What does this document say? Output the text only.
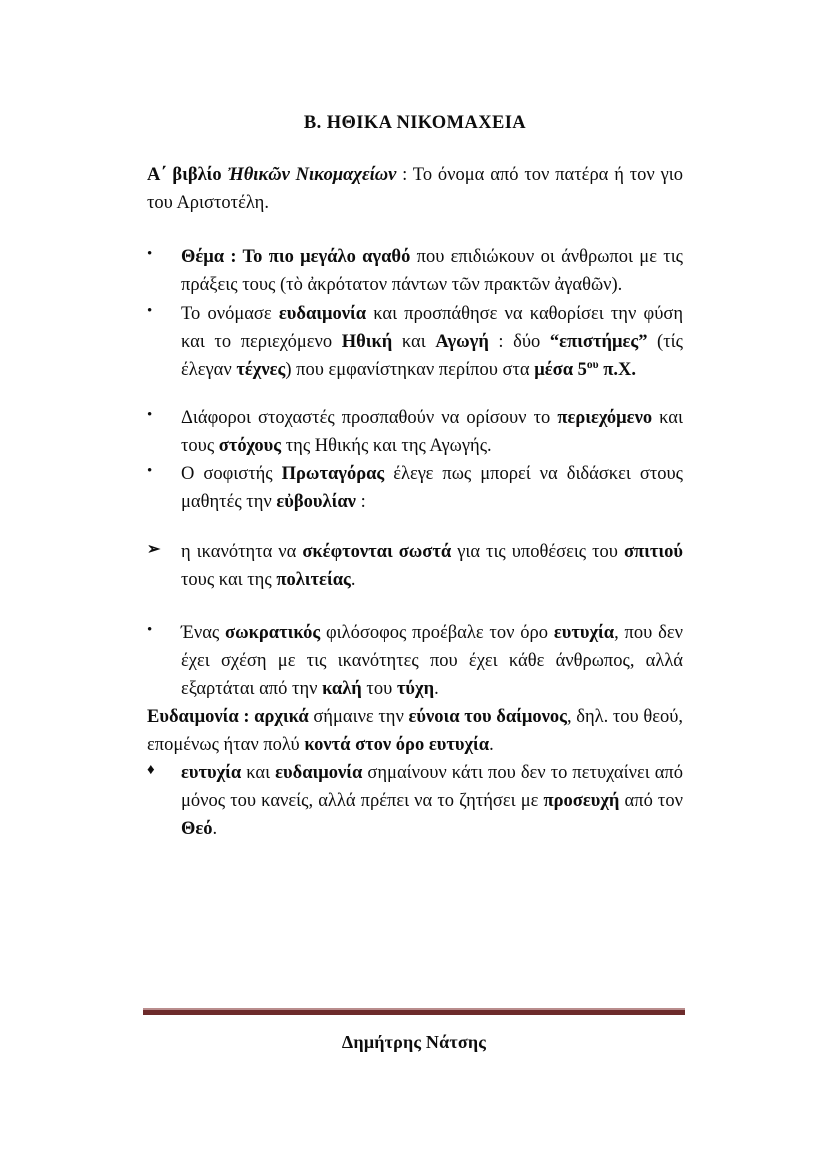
Β. ΗΘΙΚΑ ΝΙΚΟΜΑΧΕΙΑ

Α΄ βιβλίο Ἠθικῶν Νικομαχείων : Το όνομα από τον πατέρα ή τον γιο του Αριστοτέλη.

•	Θέμα : Το πιο μεγάλο αγαθό που επιδιώκουν οι άνθρωποι με τις πράξεις τους (τὸ ἀκρότατον πάντων τῶν πρακτῶν ἀγαθῶν).
•	Το ονόμασε ευδαιμονία και προσπάθησε να καθορίσει την φύση και το περιεχόμενο Ηθική και Αγωγή : δύο “επιστήμες” (τίς έλεγαν τέχνες) που εμφανίστηκαν περίπου στα μέσα $5^{o\upsilon}$ π.Χ.
•	Διάφοροι στοχαστές προσπαθούν να ορίσουν το περιεχόμενο και τους στόχους της Ηθικής και της Αγωγής.
•	Ο σοφιστής Πρωταγόρας έλεγε πως μπορεί να διδάσκει στους μαθητές την εὐβουλίαν :
➢	η ικανότητα να σκέφτονται σωστά για τις υποθέσεις του σπιτιού τους και της πολιτείας.
•	Ένας σωκρατικός φιλόσοφος προέβαλε τον όρο ευτυχία, που δεν έχει σχέση με τις ικανότητες που έχει κάθε άνθρωπος, αλλά εξαρτάται από την καλή του τύχη.
Ευδαιμονία : αρχικά σήμαινε την εύνοια του δαίμονος, δηλ. του θεού, επομένως ήταν πολύ κοντά στον όρο ευτυχία.
♦	ευτυχία και ευδαιμονία σημαίνουν κάτι που δεν το πετυχαίνει από μόνος του κανείς, αλλά πρέπει να το ζητήσει με προσευχή από τον Θεό.
Δημήτρης Νάτσης
